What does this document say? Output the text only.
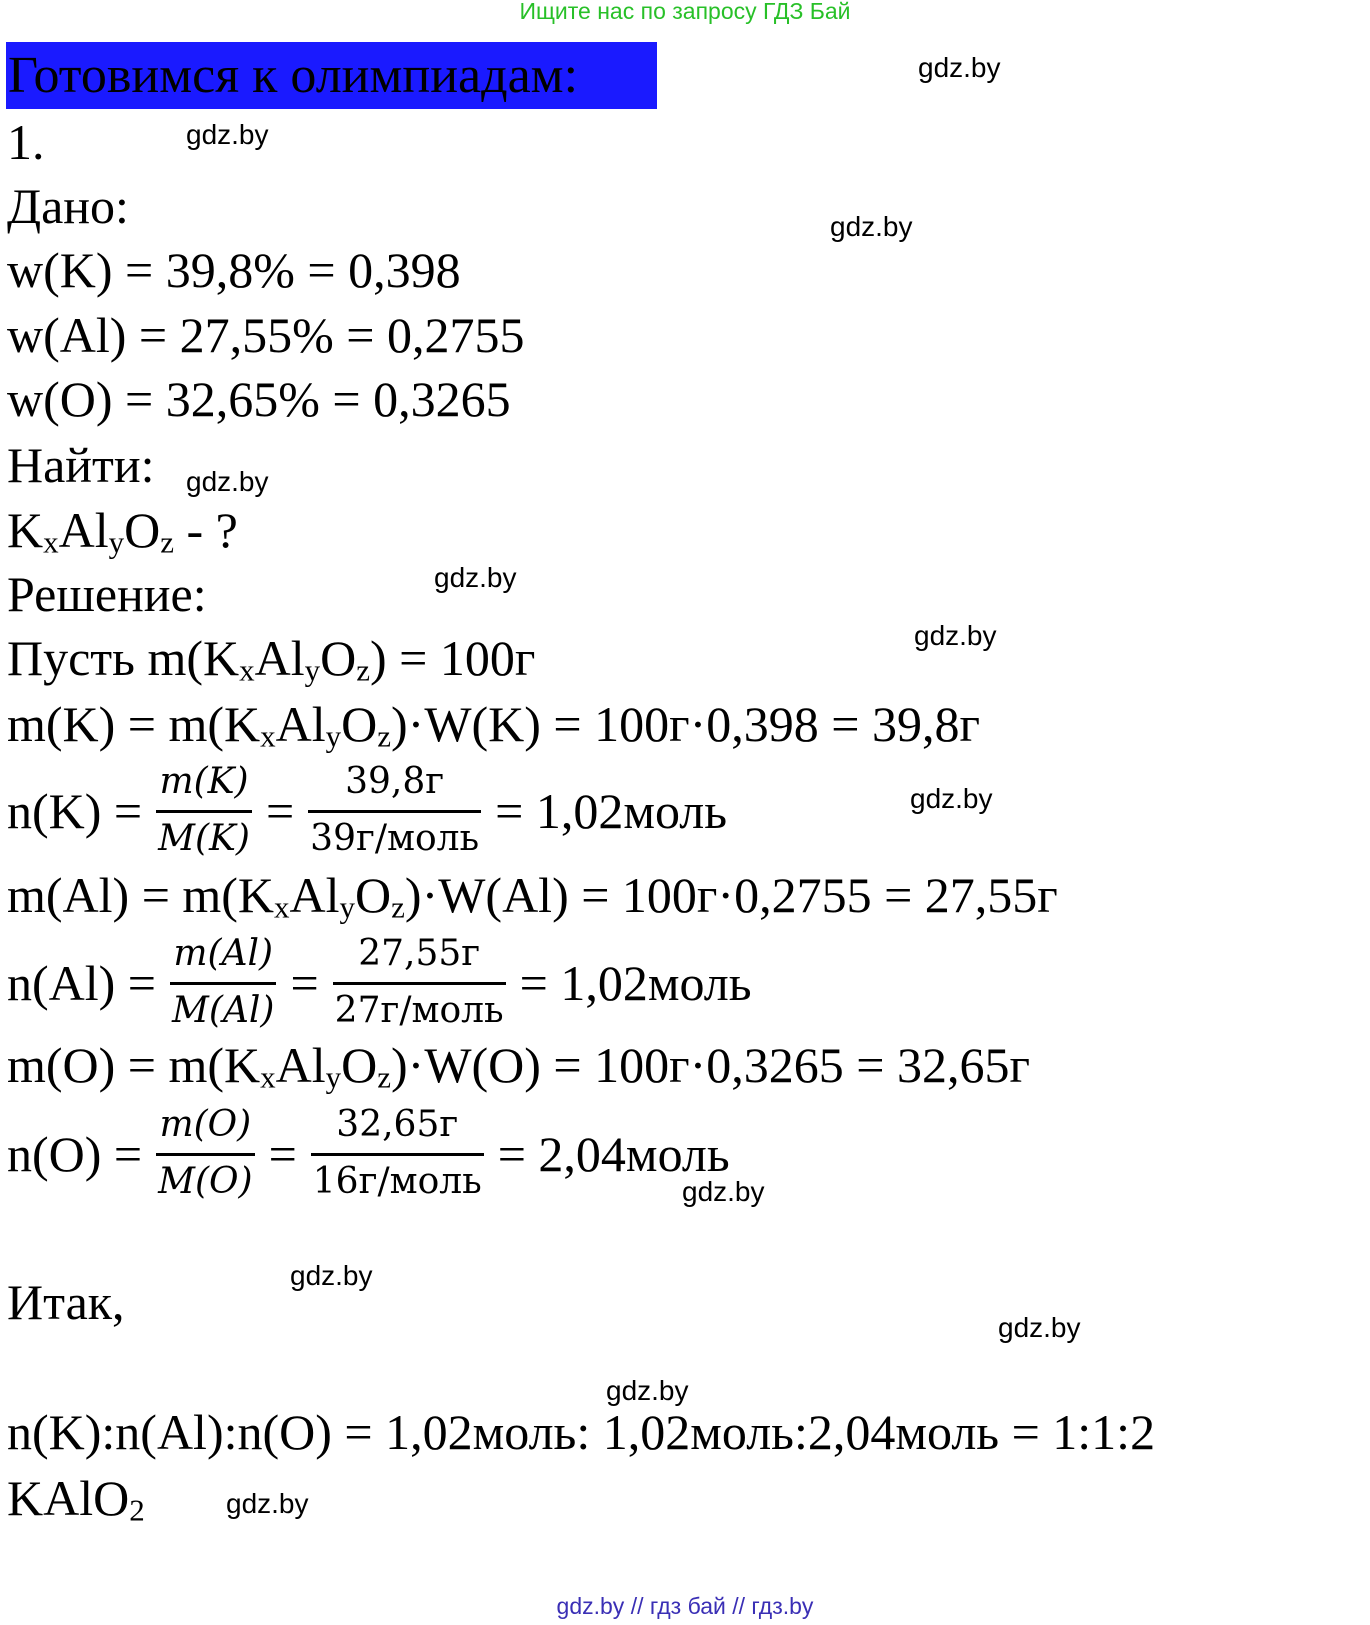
Ищите нас по запросу ГДЗ Бай
Готовимся к олимпиадам:
1.
Дано:
w(K) = 39,8% = 0,398
w(Al) = 27,55% = 0,2755
w(O) = 32,65% = 0,3265
Найти:
$K_xAl_yO_z$ - ?
Решение:
Пусть $m(K_xAl_yO_z) = 100г$
$m(K) = m(K_xAl_yO_z)\cdot W(K) = 100г\cdot 0,398 = 39,8г$
$n(K) = \frac{m(K)}{M(K)} = \frac{39,8г}{\text{39г/моль}}$ = 1,02моль
$m(Al) = m(K_xAl_yO_z)\cdot W(Al) = 100г\cdot 0,2755 = 27,55г$
$n(Al) = \frac{m(Al)}{M(Al)} = \frac{27,55г}{\text{27г/моль}}$ = 1,02моль
$m(O) = m(K_xAl_yO_z)\cdot W(O) = 100г\cdot 0,3265 = 32,65г$
$n(O) = \frac{m(O)}{M(O)} = \frac{32,65г}{\text{16г/моль}}$ = 2,04моль
Итак,
n(K):n(Al):n(O) = 1,02моль: 1,02моль:2,04моль = 1:1:2
KAlO$_2$
gdz.by
gdz.by
gdz.by
gdz.by
gdz.by
gdz.by
gdz.by
gdz.by
gdz.by
gdz.by
gdz.by
gdz.by
gdz.by // гдз бай // гдз.by
